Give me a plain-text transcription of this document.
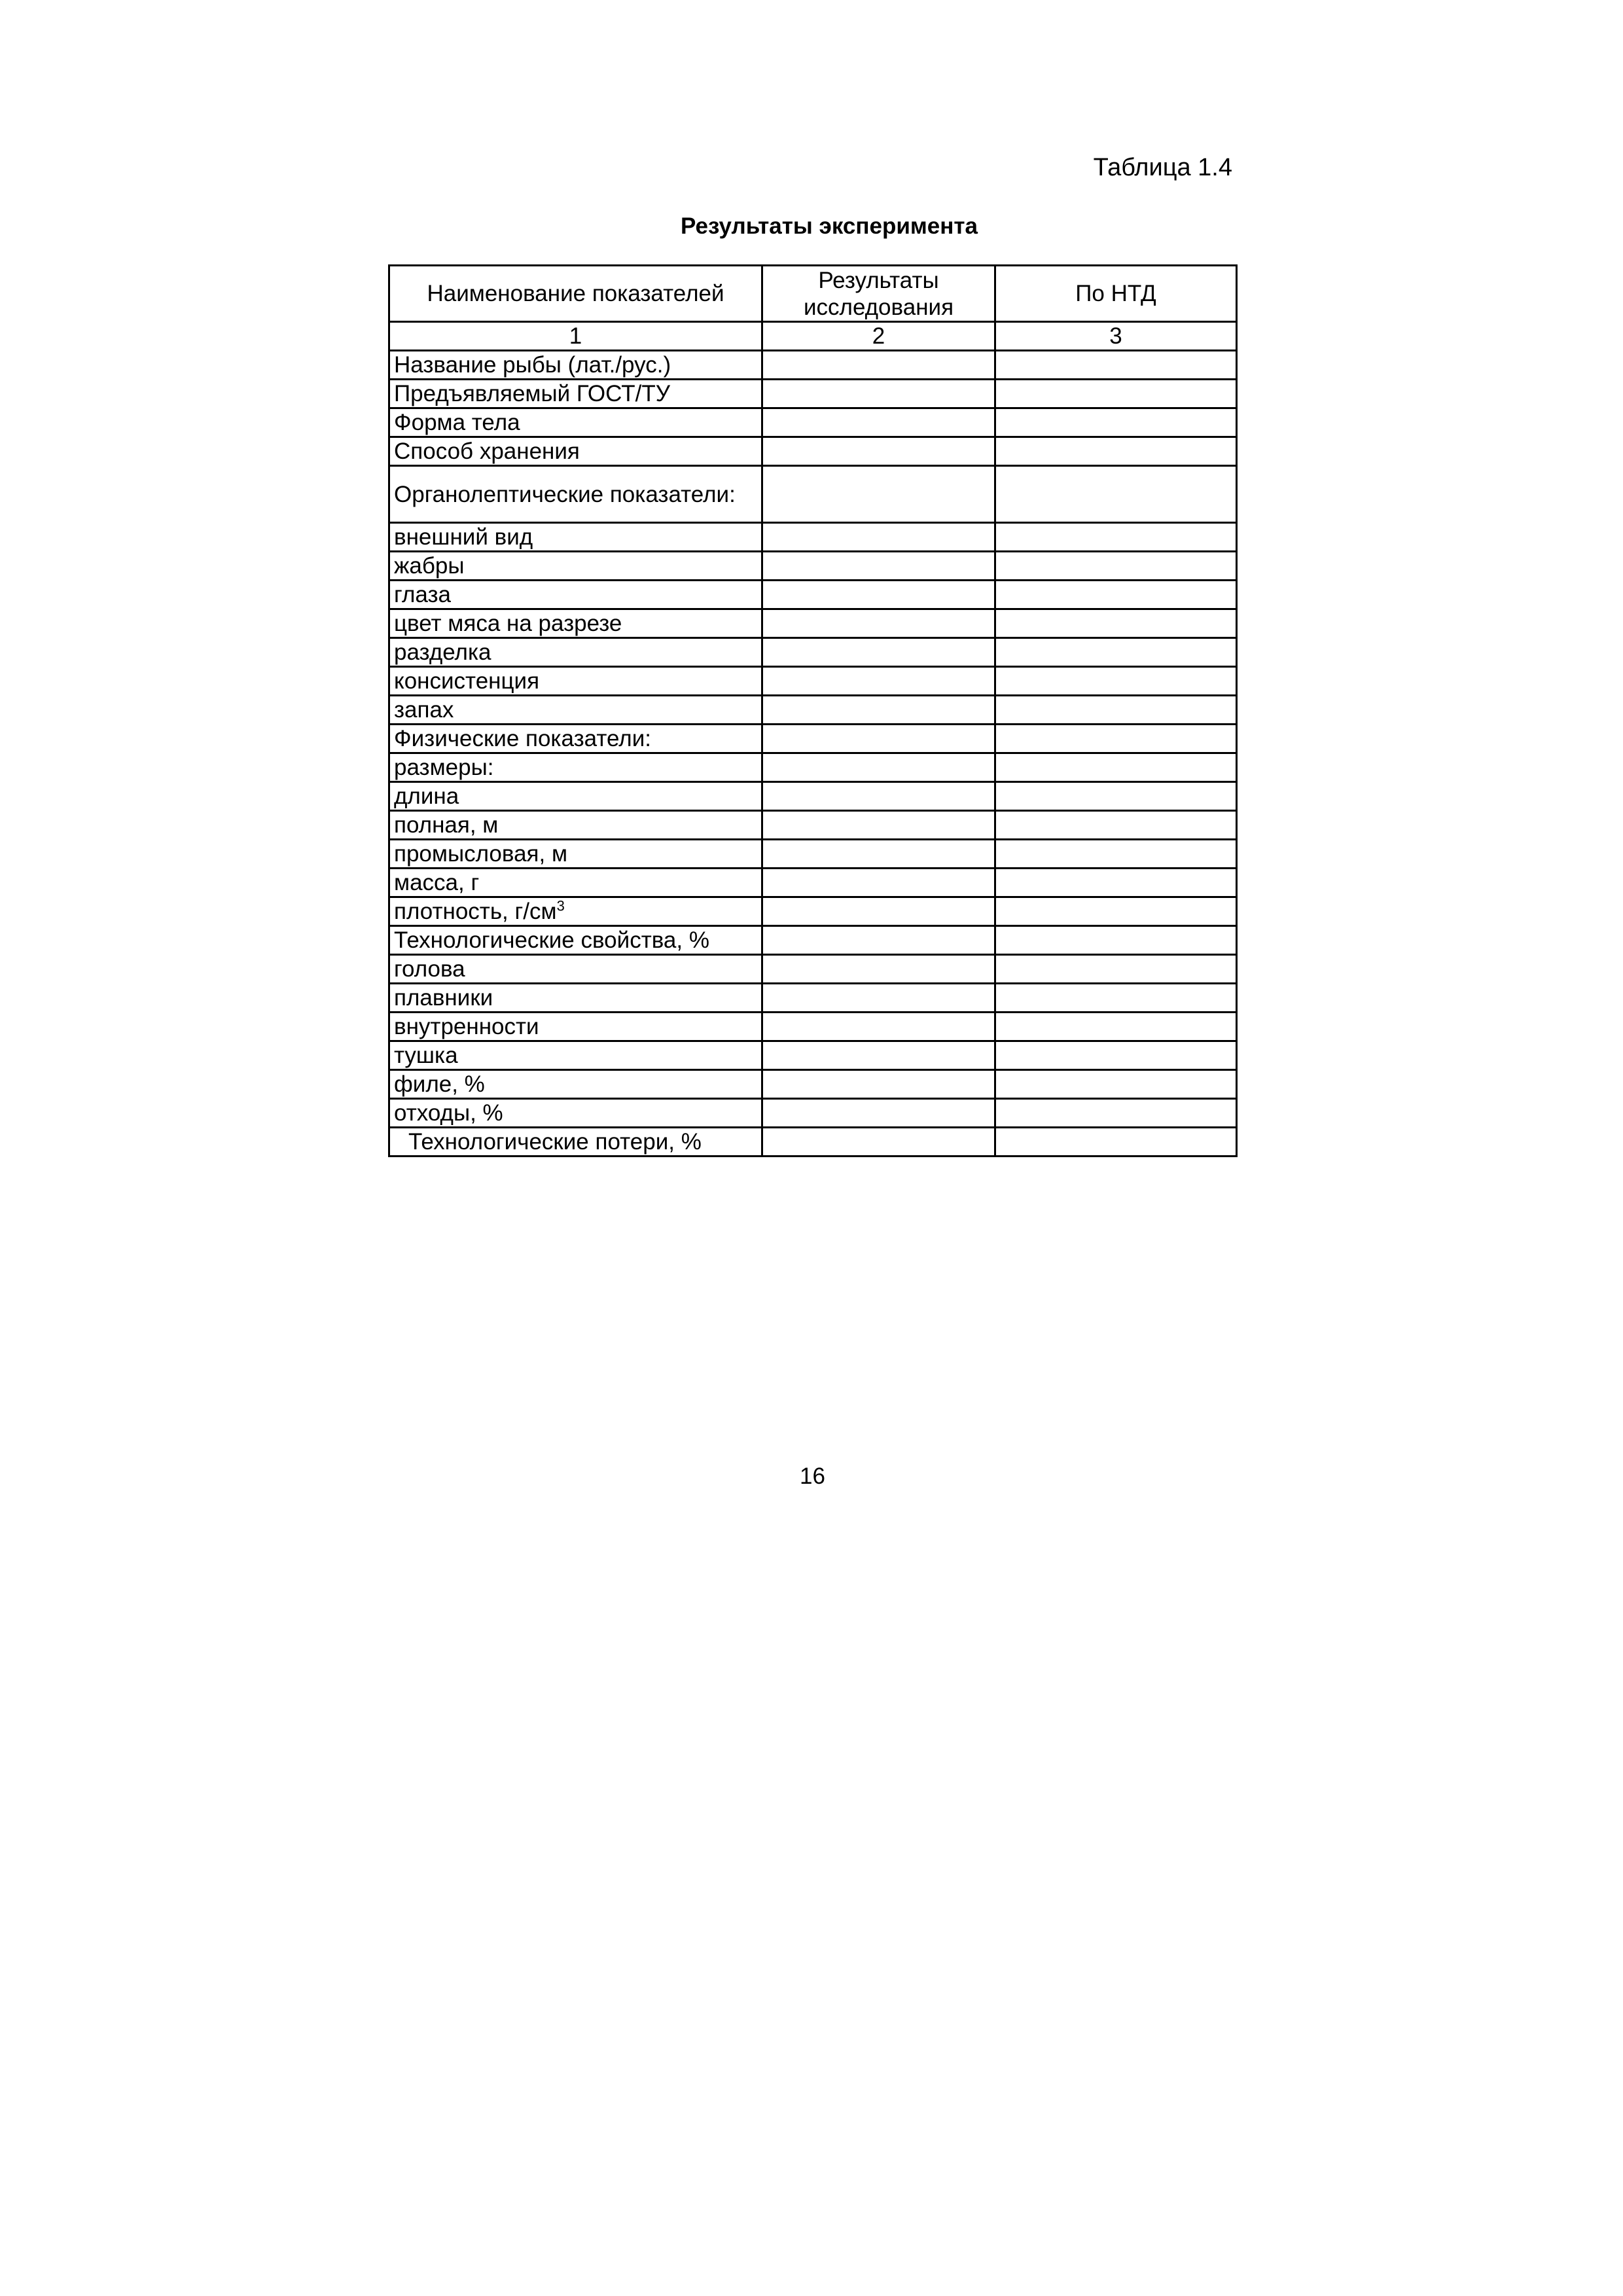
Таблица 1.4
Результаты эксперимента
Наименование показателей	Результаты исследования	По НТД
1	2	3
Название рыбы (лат./рус.)		
Предъявляемый ГОСТ/ТУ		
Форма тела		
Способ хранения		
Органолептические показатели:		
внешний вид		
жабры		
глаза		
цвет мяса на разрезе		
разделка		
консистенция		
запах		
Физические показатели:		
размеры:		
длина		
полная, м		
промысловая, м		
масса, г		
плотность, $г/см^3$		
Технологические свойства, %		
голова		
плавники		
внутренности		
тушка		
филе, %		
отходы, %		
Технологические потери, %		
16
